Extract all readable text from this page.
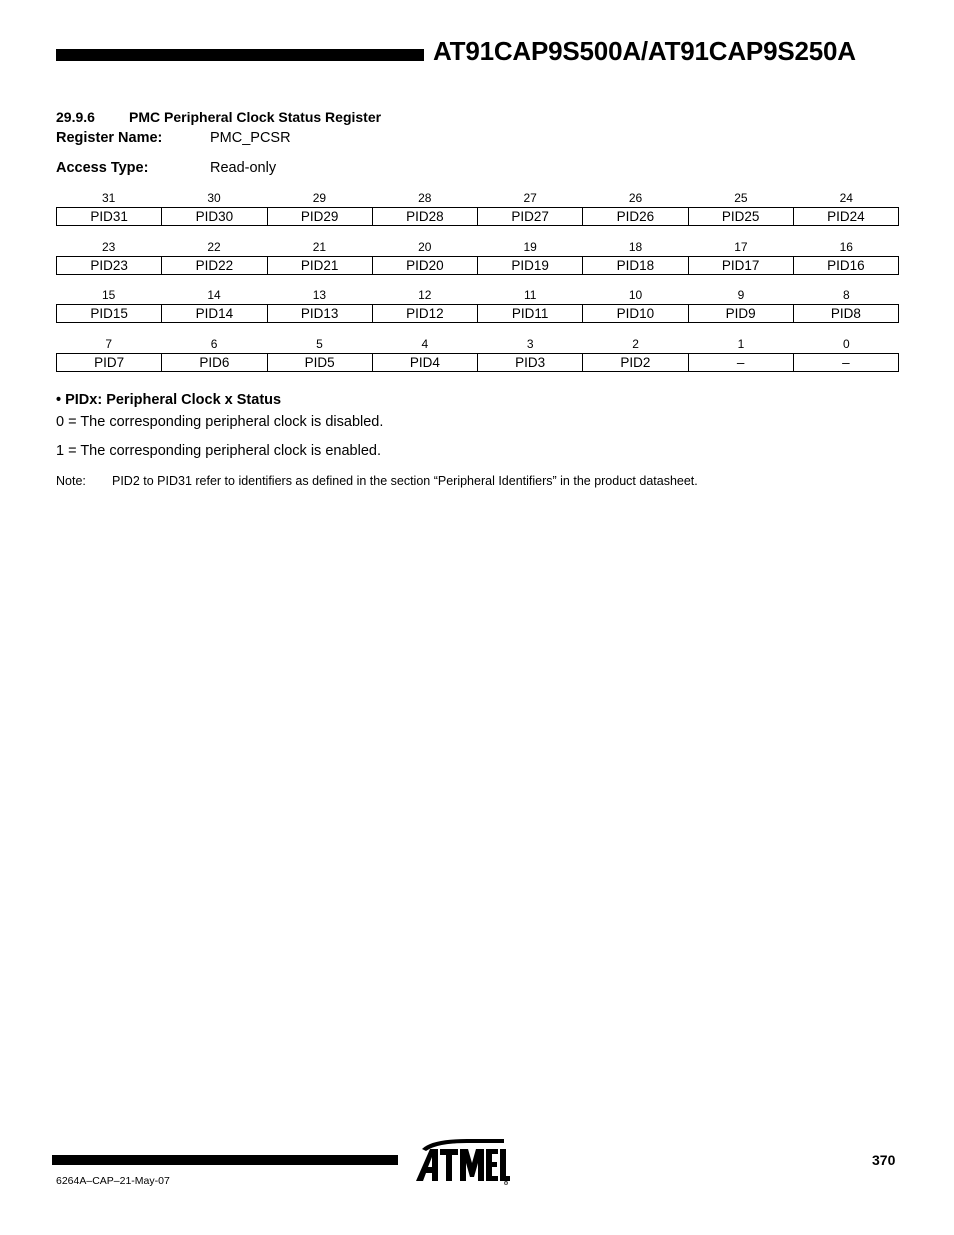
AT91CAP9S500A/AT91CAP9S250A
29.9.6 PMC Peripheral Clock Status Register
Register Name:	PMC_PCSR
Access Type:	Read-only
31	30	29	28	27	26	25	24
PID31	PID30	PID29	PID28	PID27	PID26	PID25	PID24
23	22	21	20	19	18	17	16
PID23	PID22	PID21	PID20	PID19	PID18	PID17	PID16
15	14	13	12	11	10	9	8
PID15	PID14	PID13	PID12	PID11	PID10	PID9	PID8
7	6	5	4	3	2	1	0
PID7	PID6	PID5	PID4	PID3	PID2	–	–
• PIDx: Peripheral Clock x Status
0 = The corresponding peripheral clock is disabled.
1 = The corresponding peripheral clock is enabled.
Note: PID2 to PID31 refer to identifiers as defined in the section “Peripheral Identifiers” in the product datasheet.
370
6264A–CAP–21-May-07	®
